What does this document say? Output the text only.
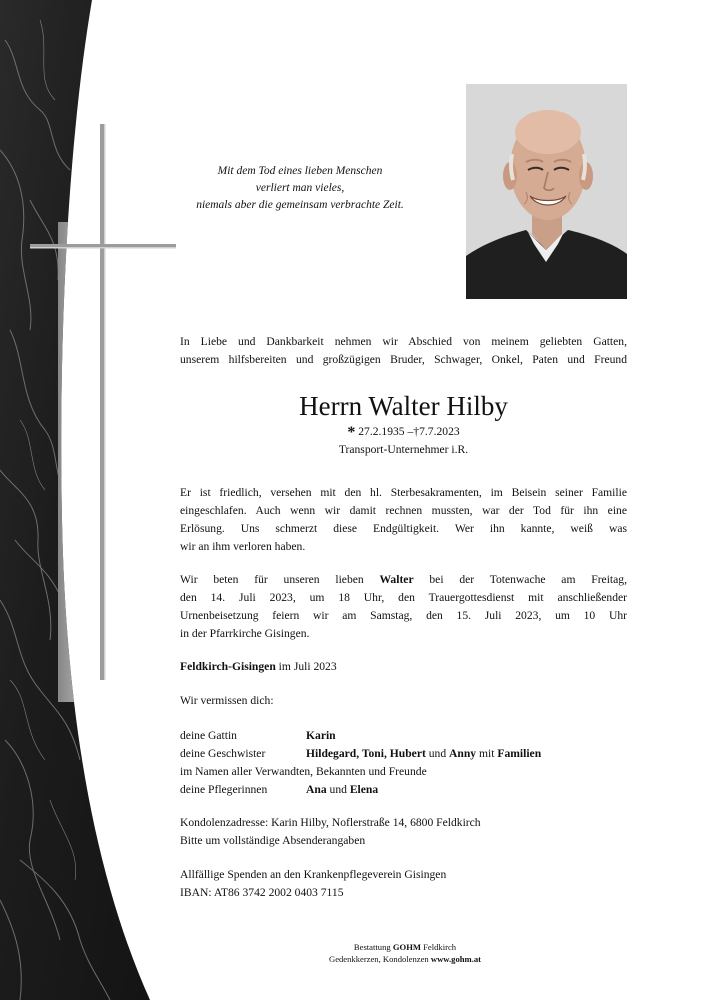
Mit dem Tod eines lieben Menschen
verliert man vieles,
niemals aber die gemeinsam verbrachte Zeit.
In Liebe und Dankbarkeit nehmen wir Abschied von meinem geliebten Gatten,
unserem hilfsbereiten und großzügigen Bruder, Schwager, Onkel, Paten und Freund
Herrn Walter Hilby
* 27.2.1935 –†7.7.2023
Transport-Unternehmer i.R.
Er ist friedlich, versehen mit den hl. Sterbesakramenten, im Beisein seiner Familie
eingeschlafen. Auch wenn wir damit rechnen mussten, war der Tod für ihn eine
Erlösung. Uns schmerzt diese Endgültigkeit. Wer ihn kannte, weiß was
wir an ihm verloren haben.
Wir beten für unseren lieben Walter bei der Totenwache am Freitag,
den 14. Juli 2023, um 18 Uhr, den Trauergottesdienst mit anschließender
Urnenbeisetzung feiern wir am Samstag, den 15. Juli 2023, um 10 Uhr
in der Pfarrkirche Gisingen.
Feldkirch-Gisingen im Juli 2023
Wir vermissen dich:
deine Gattin	Karin
deine Geschwister	Hildegard, Toni, Hubert und Anny mit Familien
im Namen aller Verwandten, Bekannten und Freunde
deine Pflegerinnen	Ana und Elena
Kondolenzadresse: Karin Hilby, Noflerstraße 14, 6800 Feldkirch
Bitte um vollständige Absenderangaben
Allfällige Spenden an den Krankenpflegeverein Gisingen
IBAN: AT86 3742 2002 0403 7115
Bestattung GOHM Feldkirch
Gedenkkerzen, Kondolenzen www.gohm.at
